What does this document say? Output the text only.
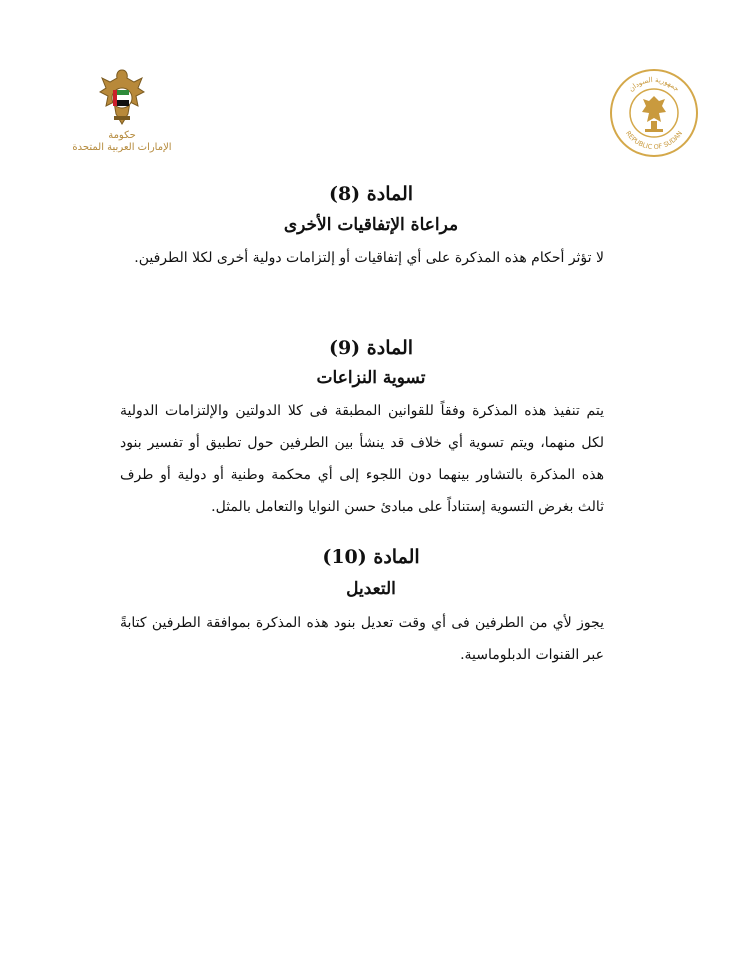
حكومة
الإمارات العربية المتحدة
جمهورية السودان
REPUBLIC OF SUDAN
المادة (8)
مراعاة الإتفاقيات الأخرى

لا تؤثر أحكام هذه المذكرة على أي إتفاقيات أو إلتزامات دولية أخرى لكلا الطرفين.

المادة (9)
تسوية النزاعات

يتم تنفيذ هذه المذكرة وفقاً للقوانين المطبقة فى كلا الدولتين والإلتزامات الدولية لكل منهما، ويتم تسوية أي خلاف قد ينشأ بين الطرفين حول تطبيق أو تفسير بنود هذه المذكرة بالتشاور بينهما دون اللجوء إلى أي محكمة وطنية أو دولية أو طرف ثالث بغرض التسوية إستناداً على مبادئ حسن النوايا والتعامل بالمثل.

المادة (10)
التعديل

يجوز لأي من الطرفين فى أي وقت تعديل بنود هذه المذكرة بموافقة الطرفين كتابةً عبر القنوات الدبلوماسية.
